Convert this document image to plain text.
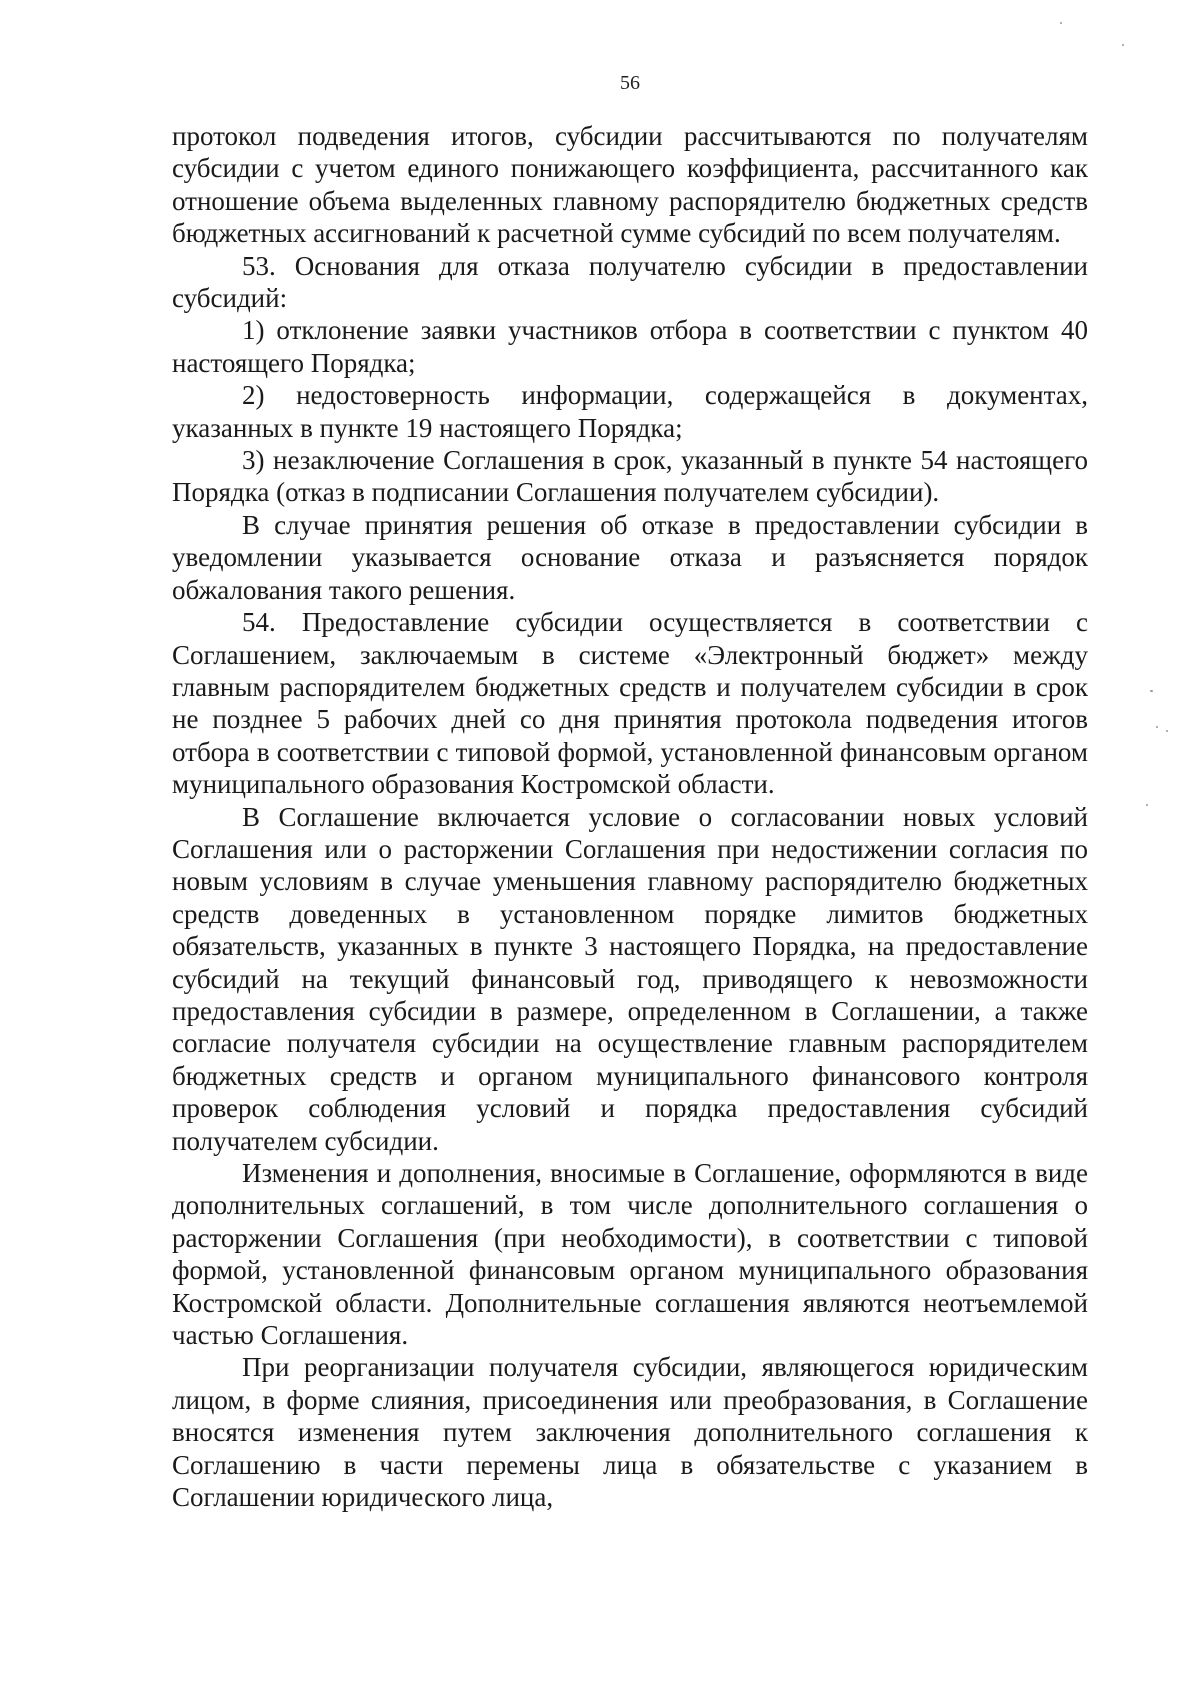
56

протокол подведения итогов, субсидии рассчитываются по получателям субсидии с учетом единого понижающего коэффициента, рассчитанного как отношение объема выделенных главному распорядителю бюджетных средств бюджетных ассигнований к расчетной сумме субсидий по всем получателям.

53. Основания для отказа получателю субсидии в предоставлении субсидий:

1) отклонение заявки участников отбора в соответствии с пунктом 40 настоящего Порядка;

2) недостоверность информации, содержащейся в документах, указанных в пункте 19 настоящего Порядка;

3) незаключение Соглашения в срок, указанный в пункте 54 настоящего Порядка (отказ в подписании Соглашения получателем субсидии).

В случае принятия решения об отказе в предоставлении субсидии в уведомлении указывается основание отказа и разъясняется порядок обжалования такого решения.

54. Предоставление субсидии осуществляется в соответствии с Соглашением, заключаемым в системе «Электронный бюджет» между главным распорядителем бюджетных средств и получателем субсидии в срок не позднее 5 рабочих дней со дня принятия протокола подведения итогов отбора в соответствии с типовой формой, установленной финансовым органом муниципального образования Костромской области.

В Соглашение включается условие о согласовании новых условий Соглашения или о расторжении Соглашения при недостижении согласия по новым условиям в случае уменьшения главному распорядителю бюджетных средств доведенных в установленном порядке лимитов бюджетных обязательств, указанных в пункте 3 настоящего Порядка, на предоставление субсидий на текущий финансовый год, приводящего к невозможности предоставления субсидии в размере, определенном в Соглашении, а также согласие получателя субсидии на осуществление главным распорядителем бюджетных средств и органом муниципального финансового контроля проверок соблюдения условий и порядка предоставления субсидий получателем субсидии.

Изменения и дополнения, вносимые в Соглашение, оформляются в виде дополнительных соглашений, в том числе дополнительного соглашения о расторжении Соглашения (при необходимости), в соответствии с типовой формой, установленной финансовым органом муниципального образования Костромской области. Дополнительные соглашения являются неотъемлемой частью Соглашения.

При реорганизации получателя субсидии, являющегося юридическим лицом, в форме слияния, присоединения или преобразования, в Соглашение вносятся изменения путем заключения дополнительного соглашения к Соглашению в части перемены лица в обязательстве с указанием в Соглашении юридического лица,
